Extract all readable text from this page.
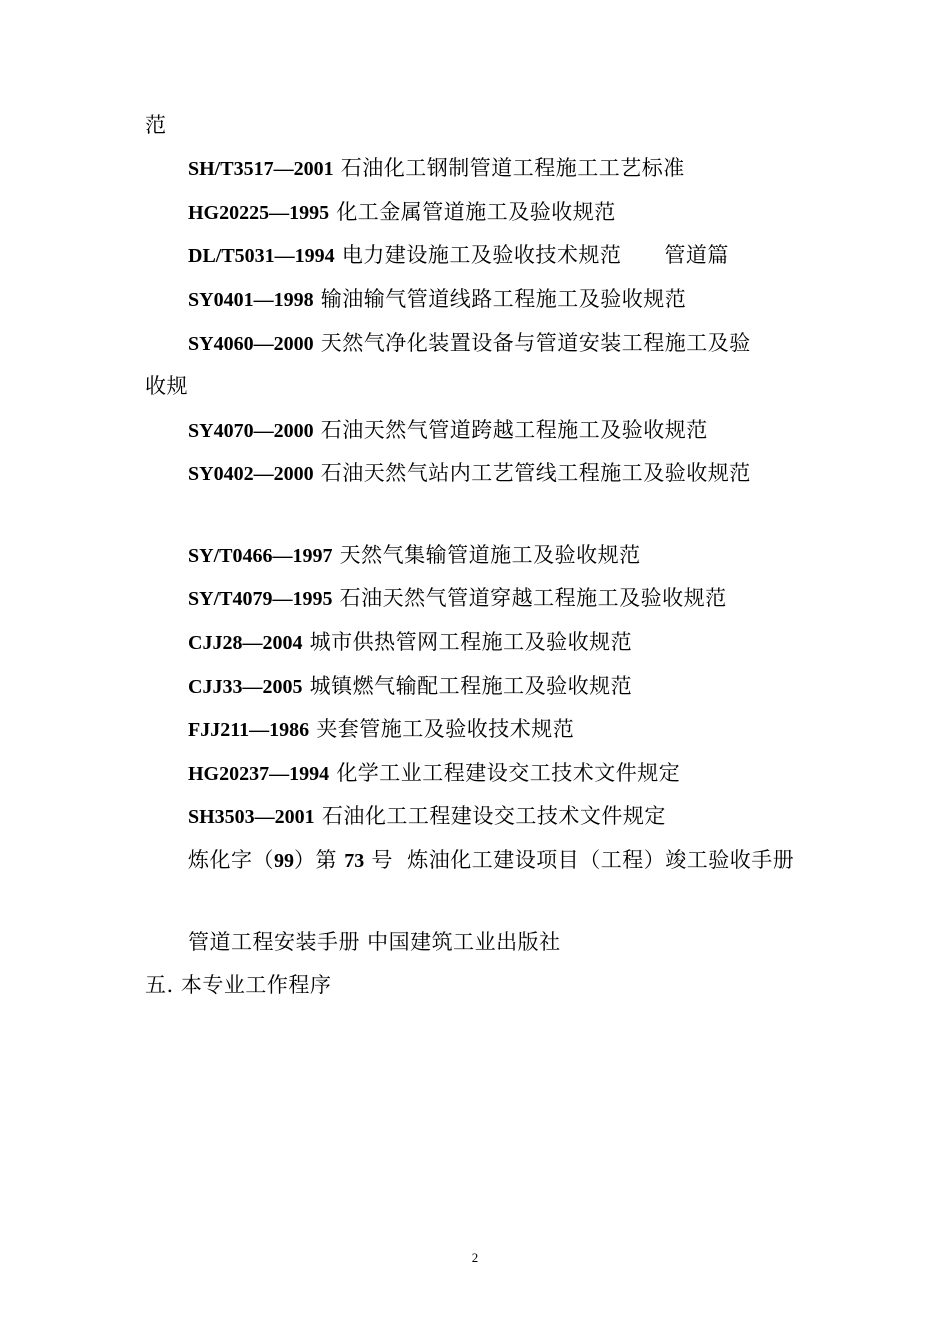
范
SH/T3517—2001 石油化工钢制管道工程施工工艺标准
HG20225—1995 化工金属管道施工及验收规范
DL/T5031—1994 电力建设施工及验收技术规范　　管道篇
SY0401—1998 输油输气管道线路工程施工及验收规范
SY4060—2000 天然气净化装置设备与管道安装工程施工及验
收规
SY4070—2000 石油天然气管道跨越工程施工及验收规范
SY0402—2000 石油天然气站内工艺管线工程施工及验收规范
SY/T0466—1997 天然气集输管道施工及验收规范
SY/T4079—1995 石油天然气管道穿越工程施工及验收规范
CJJ28—2004 城市供热管网工程施工及验收规范
CJJ33—2005 城镇燃气输配工程施工及验收规范
FJJ211—1986 夹套管施工及验收技术规范
HG20237—1994 化学工业工程建设交工技术文件规定
SH3503—2001 石油化工工程建设交工技术文件规定
炼化字（99）第 73 号 炼油化工建设项目（工程）竣工验收手册
管道工程安装手册 中国建筑工业出版社
五. 本专业工作程序
2
